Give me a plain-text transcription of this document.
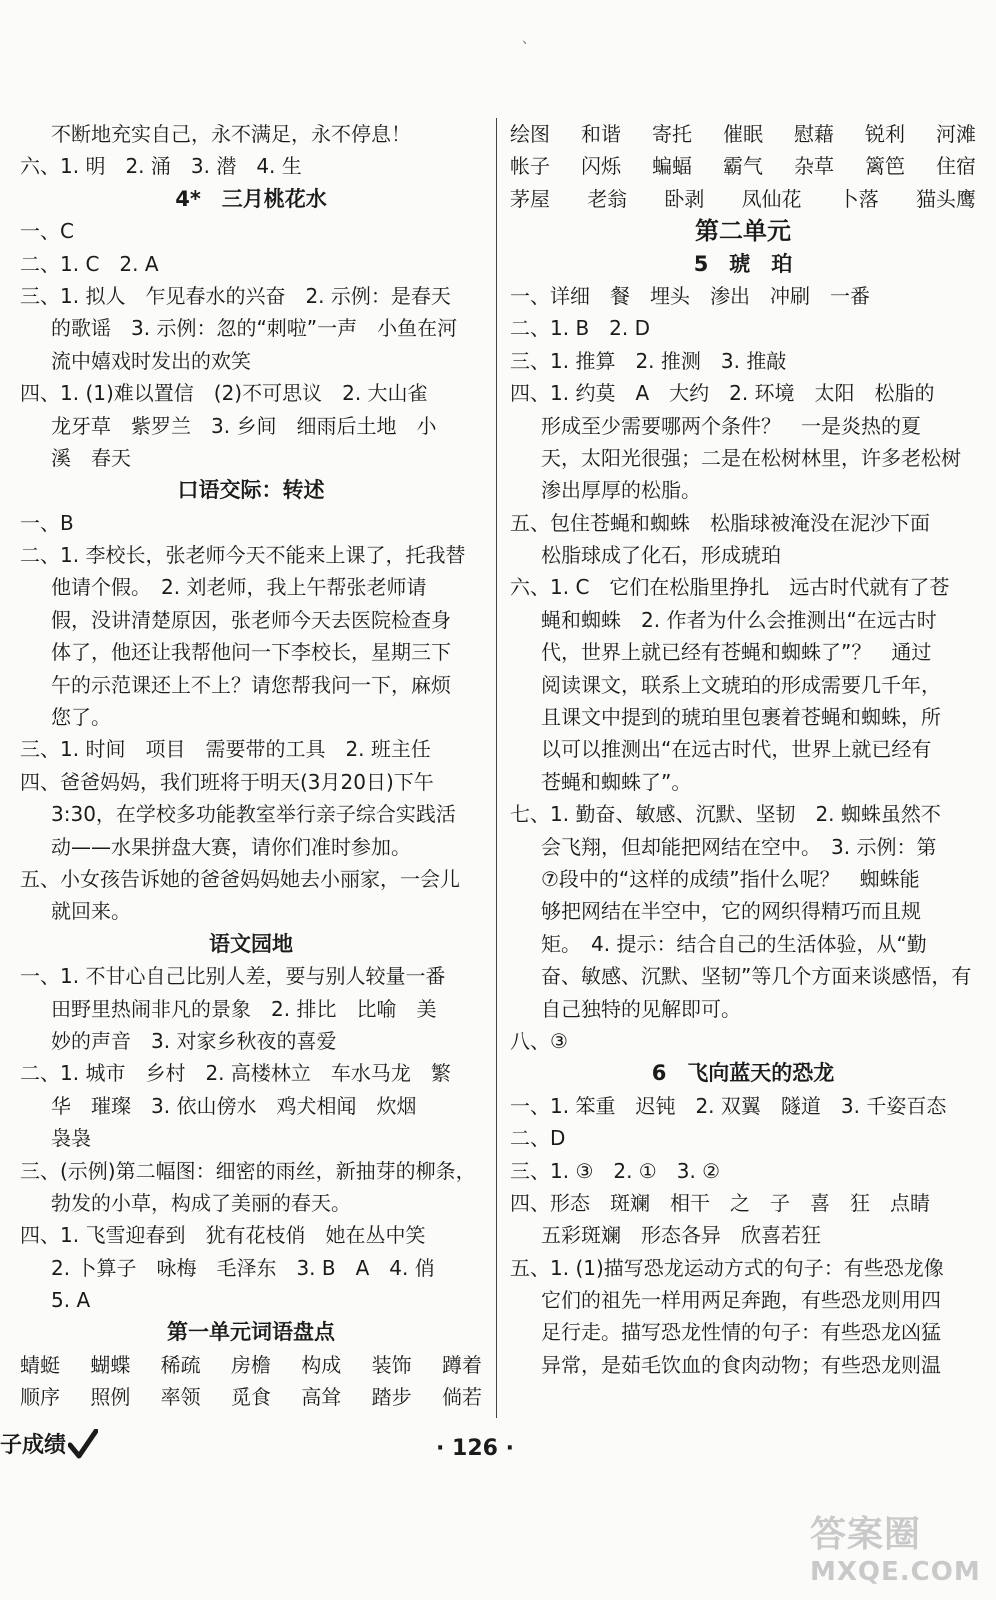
、
不断地充实自己，永不满足，永不停息！
六、1. 明　2. 涌　3. 潜　4. 生
4*　三月桃花水
一、C
二、1. C　2. A
三、1. 拟人　乍见春水的兴奋　2. 示例：是春天
的歌谣　3. 示例：忽的“刺啦”一声　小鱼在河
流中嬉戏时发出的欢笑
四、1. (1)难以置信　(2)不可思议　2. 大山雀
龙牙草　紫罗兰　3. 乡间　细雨后土地　小
溪　春天
口语交际：转述
一、B
二、1. 李校长，张老师今天不能来上课了，托我替
他请个假。　2. 刘老师，我上午帮张老师请
假，没讲清楚原因，张老师今天去医院检查身
体了，他还让我帮他问一下李校长，星期三下
午的示范课还上不上？请您帮我问一下，麻烦
您了。
三、1. 时间　项目　需要带的工具　2. 班主任
四、爸爸妈妈，我们班将于明天(3月20日)下午
3:30，在学校多功能教室举行亲子综合实践活
动——水果拼盘大赛，请你们准时参加。
五、小女孩告诉她的爸爸妈妈她去小丽家，一会儿
就回来。
语文园地
一、1. 不甘心自己比别人差，要与别人较量一番
田野里热闹非凡的景象　2. 排比　比喻　美
妙的声音　3. 对家乡秋夜的喜爱
二、1. 城市　乡村　2. 高楼林立　车水马龙　繁
华　璀璨　3. 依山傍水　鸡犬相闻　炊烟
袅袅
三、(示例)第二幅图：细密的雨丝，新抽芽的柳条，
勃发的小草，构成了美丽的春天。
四、1. 飞雪迎春到　犹有花枝俏　她在丛中笑
2. 卜算子　咏梅　毛泽东　3. B　A　4. 俏
5. A
第一单元词语盘点
蜻蜓 蝴蝶 稀疏 房檐 构成 装饰 蹲着
顺序 照例 率领 觅食 高耸 踏步 倘若
绘图 和谐 寄托 催眠 慰藉 锐利 河滩
帐子 闪烁 蝙蝠 霸气 杂草 篱笆 住宿
茅屋 老翁 卧剥 凤仙花 卜落 猫头鹰
第二单元
5　琥　珀
一、详细　餐　埋头　渗出　冲刷　一番
二、1. B　2. D
三、1. 推算　2. 推测　3. 推敲
四、1. 约莫　A　大约　2. 环境　太阳　松脂的
形成至少需要哪两个条件？　一是炎热的夏
天，太阳光很强；二是在松树林里，许多老松树
渗出厚厚的松脂。
五、包住苍蝇和蜘蛛　松脂球被淹没在泥沙下面
松脂球成了化石，形成琥珀
六、1. C　它们在松脂里挣扎　远古时代就有了苍
蝇和蜘蛛　2. 作者为什么会推测出“在远古时
代，世界上就已经有苍蝇和蜘蛛了”？　通过
阅读课文，联系上文琥珀的形成需要几千年，
且课文中提到的琥珀里包裹着苍蝇和蜘蛛，所
以可以推测出“在远古时代，世界上就已经有
苍蝇和蜘蛛了”。
七、1. 勤奋、敏感、沉默、坚韧　2. 蜘蛛虽然不
会飞翔，但却能把网结在空中。　3. 示例：第
⑦段中的“这样的成绩”指什么呢？　蜘蛛能
够把网结在半空中，它的网织得精巧而且规
矩。　4. 提示：结合自己的生活体验，从“勤
奋、敏感、沉默、坚韧”等几个方面来谈感悟，有
自己独特的见解即可。
八、③
6　飞向蓝天的恐龙
一、1. 笨重　迟钝　2. 双翼　隧道　3. 千姿百态
二、D
三、1. ③　2. ①　3. ②
四、形态　斑斓　相干　之　子　喜　狂　点睛
五彩斑斓　形态各异　欣喜若狂
五、1. (1)描写恐龙运动方式的句子：有些恐龙像
它们的祖先一样用两足奔跑，有些恐龙则用四
足行走。描写恐龙性情的句子：有些恐龙凶猛
异常，是茹毛饮血的食肉动物；有些恐龙则温
子成绩	· 126 ·
答案圈
MXQE.COM
